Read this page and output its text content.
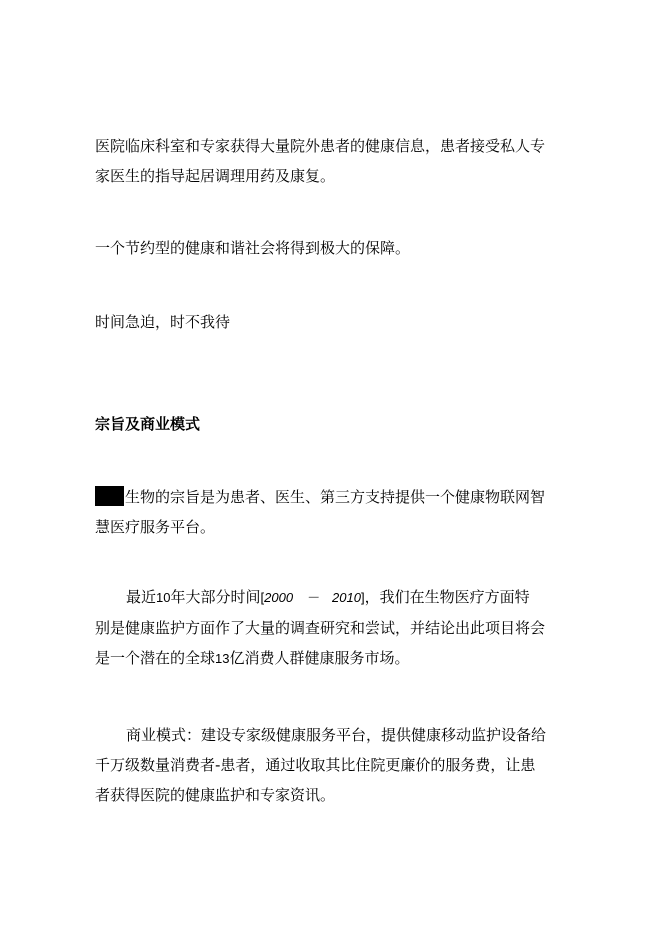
医院临床科室和专家获得大量院外患者的健康信息，患者接受私人专
家医生的指导起居调理用药及康复。

一个节约型的健康和谐社会将得到极大的保障。

时间急迫，时不我待

宗旨及商业模式

生物的宗旨是为患者、医生、第三方支持提供一个健康物联网智
慧医疗服务平台。

最近10年大部分时间[2000　－　2010]，我们在生物医疗方面特
别是健康监护方面作了大量的调查研究和尝试，并结论出此项目将会
是一个潜在的全球13亿消费人群健康服务市场。

商业模式：建设专家级健康服务平台，提供健康移动监护设备给
千万级数量消费者-患者，通过收取其比住院更廉价的服务费，让患
者获得医院的健康监护和专家资讯。
